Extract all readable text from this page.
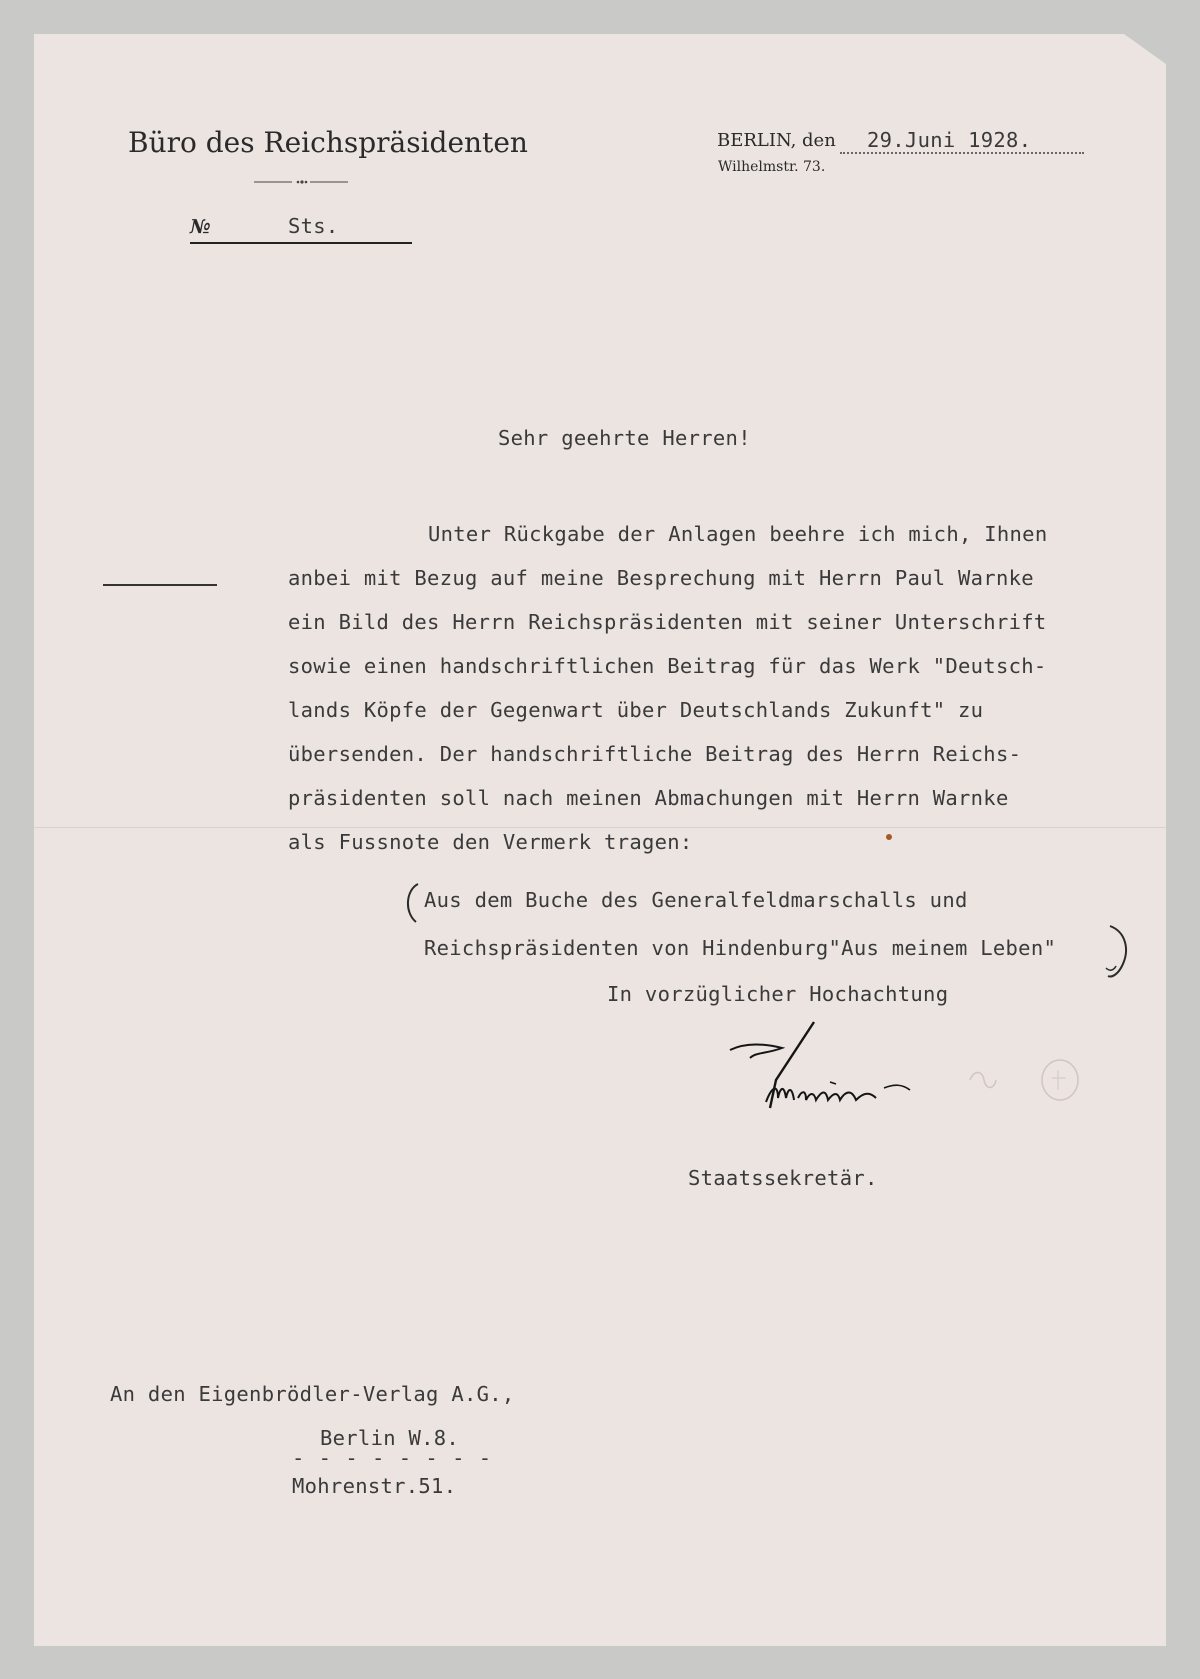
Büro des Reichspräsidenten
№	Sts.
BERLIN, den 29.Juni 1928.
Wilhelmstr. 73.
Sehr geehrte Herren!
Unter Rückgabe der Anlagen beehre ich mich, Ihnen
anbei mit Bezug auf meine Besprechung mit Herrn Paul Warnke
ein Bild des Herrn Reichspräsidenten mit seiner Unterschrift
sowie einen handschriftlichen Beitrag für das Werk "Deutsch-
lands Köpfe der Gegenwart über Deutschlands Zukunft" zu
übersenden. Der handschriftliche Beitrag des Herrn Reichs-
präsidenten soll nach meinen Abmachungen mit Herrn Warnke
als Fussnote den Vermerk tragen:
Aus dem Buche des Generalfeldmarschalls und
Reichspräsidenten von Hindenburg"Aus meinem Leben"
In vorzüglicher Hochachtung
Staatssekretär.
An den Eigenbrödler-Verlag A.G.,
Berlin W.8.
- - - - - - - -
Mohrenstr.51.
